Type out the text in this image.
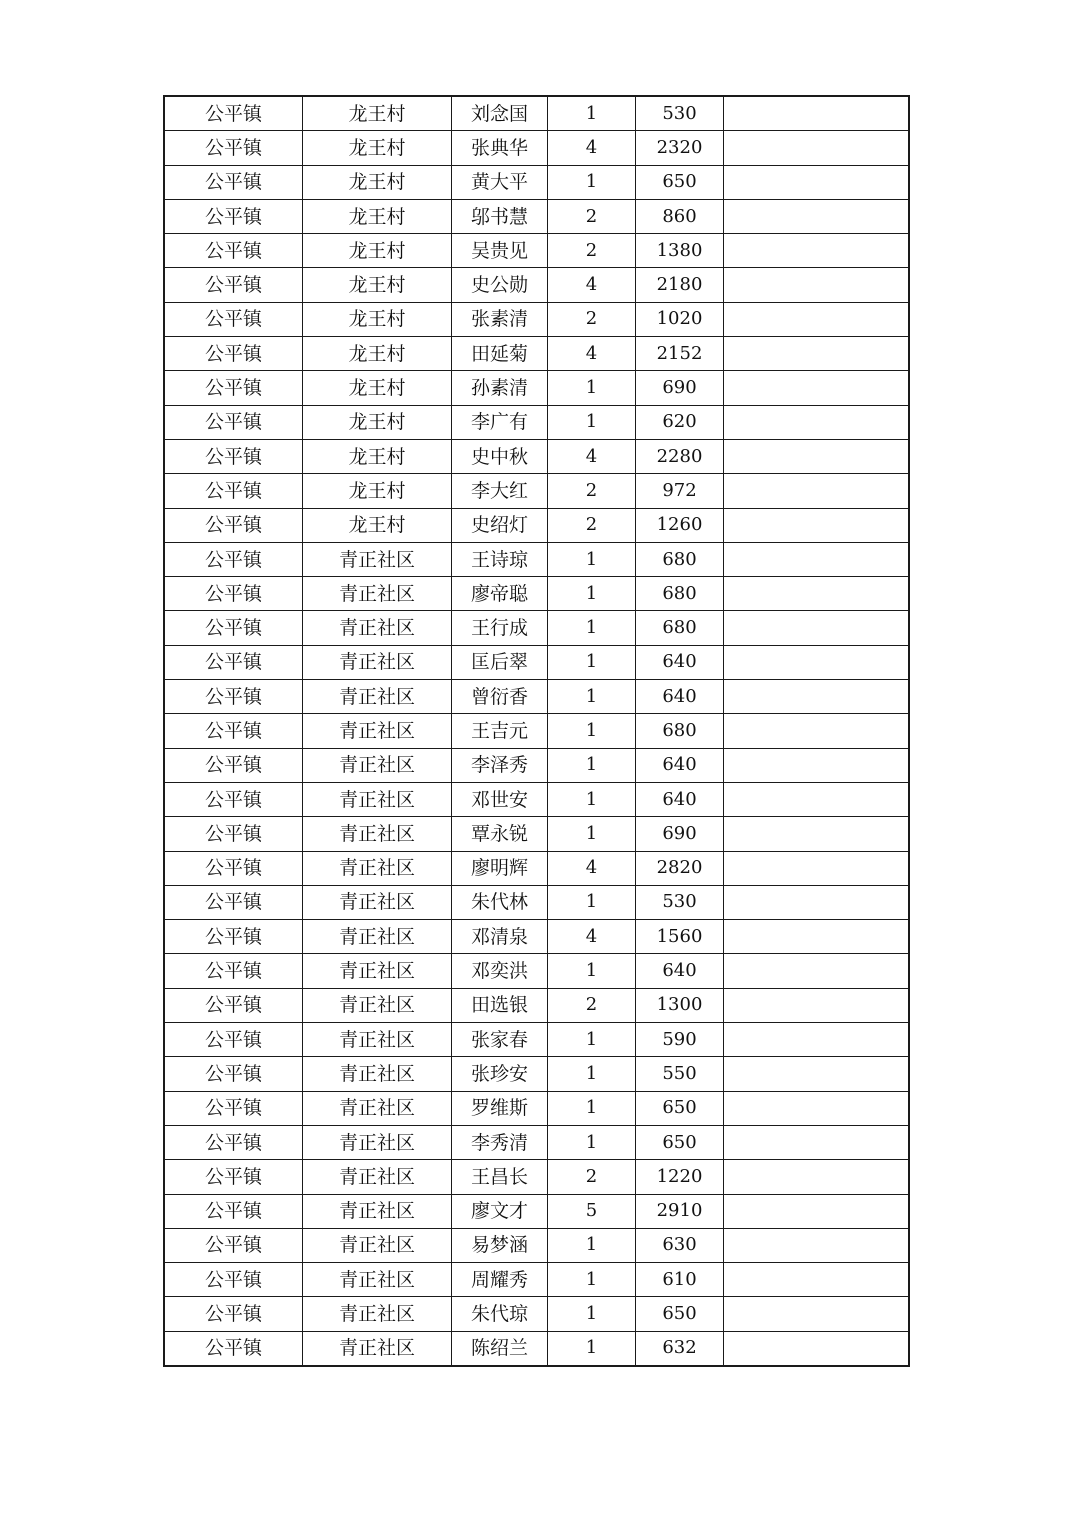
公平镇	龙王村	刘念国	1	530	
公平镇	龙王村	张典华	4	2320	
公平镇	龙王村	黄大平	1	650	
公平镇	龙王村	邬书慧	2	860	
公平镇	龙王村	吴贵见	2	1380	
公平镇	龙王村	史公勋	4	2180	
公平镇	龙王村	张素清	2	1020	
公平镇	龙王村	田延菊	4	2152	
公平镇	龙王村	孙素清	1	690	
公平镇	龙王村	李广有	1	620	
公平镇	龙王村	史中秋	4	2280	
公平镇	龙王村	李大红	2	972	
公平镇	龙王村	史绍灯	2	1260	
公平镇	青正社区	王诗琼	1	680	
公平镇	青正社区	廖帝聪	1	680	
公平镇	青正社区	王行成	1	680	
公平镇	青正社区	匡后翠	1	640	
公平镇	青正社区	曾衍香	1	640	
公平镇	青正社区	王吉元	1	680	
公平镇	青正社区	李泽秀	1	640	
公平镇	青正社区	邓世安	1	640	
公平镇	青正社区	覃永锐	1	690	
公平镇	青正社区	廖明辉	4	2820	
公平镇	青正社区	朱代林	1	530	
公平镇	青正社区	邓清泉	4	1560	
公平镇	青正社区	邓奕洪	1	640	
公平镇	青正社区	田选银	2	1300	
公平镇	青正社区	张家春	1	590	
公平镇	青正社区	张珍安	1	550	
公平镇	青正社区	罗维斯	1	650	
公平镇	青正社区	李秀清	1	650	
公平镇	青正社区	王昌长	2	1220	
公平镇	青正社区	廖文才	5	2910	
公平镇	青正社区	易梦涵	1	630	
公平镇	青正社区	周耀秀	1	610	
公平镇	青正社区	朱代琼	1	650	
公平镇	青正社区	陈绍兰	1	632	
